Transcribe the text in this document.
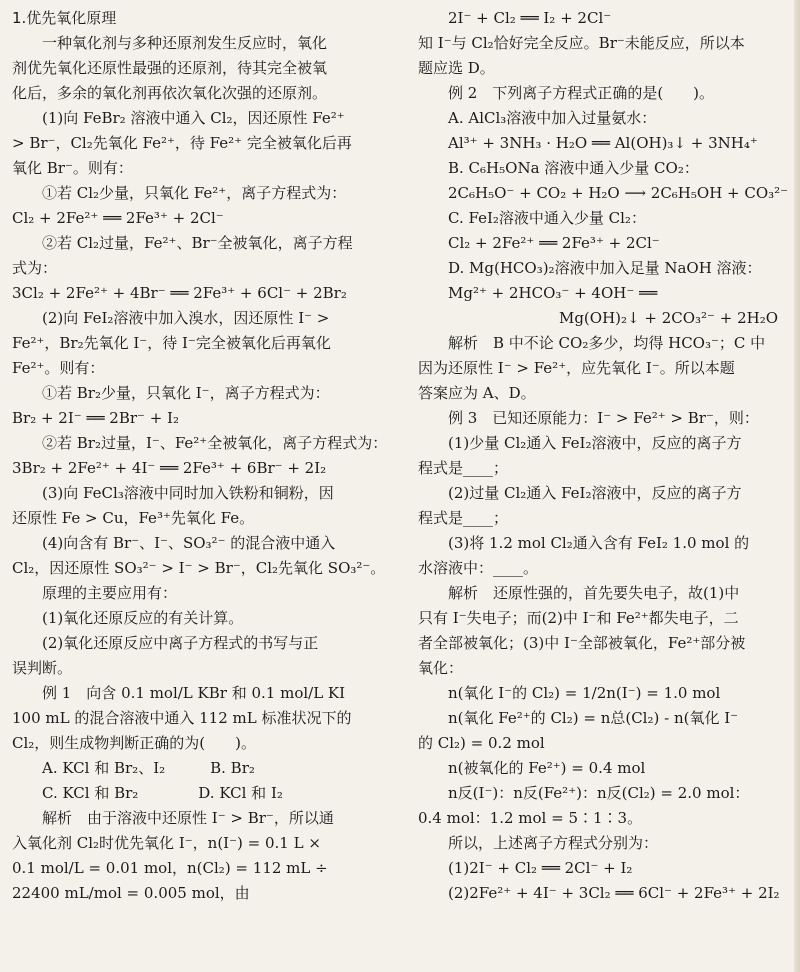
1.优先氧化原理
一种氧化剂与多种还原剂发生反应时，氧化
剂优先氧化还原性最强的还原剂，待其完全被氧
化后，多余的氧化剂再依次氧化次强的还原剂。
(1)向 FeBr₂ 溶液中通入 Cl₂，因还原性 Fe²⁺
> Br⁻，Cl₂先氧化 Fe²⁺，待 Fe²⁺ 完全被氧化后再
氧化 Br⁻。则有：
①若 Cl₂少量，只氧化 Fe²⁺，离子方程式为：
Cl₂ + 2Fe²⁺ ══ 2Fe³⁺ + 2Cl⁻
②若 Cl₂过量，Fe²⁺、Br⁻全被氧化，离子方程
式为：
3Cl₂ + 2Fe²⁺ + 4Br⁻ ══ 2Fe³⁺ + 6Cl⁻ + 2Br₂
(2)向 FeI₂溶液中加入溴水，因还原性 I⁻ >
Fe²⁺，Br₂先氧化 I⁻，待 I⁻完全被氧化后再氧化
Fe²⁺。则有：
①若 Br₂少量，只氧化 I⁻，离子方程式为：
Br₂ + 2I⁻ ══ 2Br⁻ + I₂
②若 Br₂过量，I⁻、Fe²⁺全被氧化，离子方程式为：
3Br₂ + 2Fe²⁺ + 4I⁻ ══ 2Fe³⁺ + 6Br⁻ + 2I₂
(3)向 FeCl₃溶液中同时加入铁粉和铜粉，因
还原性 Fe > Cu，Fe³⁺先氧化 Fe。
(4)向含有 Br⁻、I⁻、SO₃²⁻ 的混合液中通入
Cl₂，因还原性 SO₃²⁻ > I⁻ > Br⁻，Cl₂先氧化 SO₃²⁻。
原理的主要应用有：
(1)氧化还原反应的有关计算。
(2)氧化还原反应中离子方程式的书写与正
误判断。
例 1　向含 0.1 mol/L KBr 和 0.1 mol/L KI
100 mL 的混合溶液中通入 112 mL 标准状况下的
Cl₂，则生成物判断正确的为(　　)。
A. KCl 和 Br₂、I₂　　　B. Br₂
C. KCl 和 Br₂　　　　D. KCl 和 I₂
解析　由于溶液中还原性 I⁻ > Br⁻，所以通
入氧化剂 Cl₂时优先氧化 I⁻，n(I⁻) = 0.1 L ×
0.1 mol/L = 0.01 mol，n(Cl₂) = 112 mL ÷
22400 mL/mol = 0.005 mol，由
2I⁻ + Cl₂ ══ I₂ + 2Cl⁻
知 I⁻与 Cl₂恰好完全反应。Br⁻未能反应，所以本
题应选 D。
例 2　下列离子方程式正确的是(　　)。
A. AlCl₃溶液中加入过量氨水：
Al³⁺ + 3NH₃ · H₂O ══ Al(OH)₃↓ + 3NH₄⁺
B. C₆H₅ONa 溶液中通入少量 CO₂：
2C₆H₅O⁻ + CO₂ + H₂O ⟶ 2C₆H₅OH + CO₃²⁻
C. FeI₂溶液中通入少量 Cl₂：
Cl₂ + 2Fe²⁺ ══ 2Fe³⁺ + 2Cl⁻
D. Mg(HCO₃)₂溶液中加入足量 NaOH 溶液：
Mg²⁺ + 2HCO₃⁻ + 4OH⁻ ══
Mg(OH)₂↓ + 2CO₃²⁻ + 2H₂O
解析　B 中不论 CO₂多少，均得 HCO₃⁻；C 中
因为还原性 I⁻ > Fe²⁺，应先氧化 I⁻。所以本题
答案应为 A、D。
例 3　已知还原能力：I⁻ > Fe²⁺ > Br⁻，则：
(1)少量 Cl₂通入 FeI₂溶液中，反应的离子方
程式是____；
(2)过量 Cl₂通入 FeI₂溶液中，反应的离子方
程式是____；
(3)将 1.2 mol Cl₂通入含有 FeI₂ 1.0 mol 的
水溶液中：____。
解析　还原性强的，首先要失电子，故(1)中
只有 I⁻失电子；而(2)中 I⁻和 Fe²⁺都失电子，二
者全部被氧化；(3)中 I⁻全部被氧化，Fe²⁺部分被
氧化：
n(氧化 I⁻的 Cl₂) = 1/2n(I⁻) = 1.0 mol
n(氧化 Fe²⁺的 Cl₂) = n总(Cl₂) - n(氧化 I⁻
的 Cl₂) = 0.2 mol
n(被氧化的 Fe²⁺) = 0.4 mol
n反(I⁻)：n反(Fe²⁺)：n反(Cl₂) = 2.0 mol：
0.4 mol：1.2 mol = 5∶1∶3。
所以，上述离子方程式分别为：
(1)2I⁻ + Cl₂ ══ 2Cl⁻ + I₂
(2)2Fe²⁺ + 4I⁻ + 3Cl₂ ══ 6Cl⁻ + 2Fe³⁺ + 2I₂
